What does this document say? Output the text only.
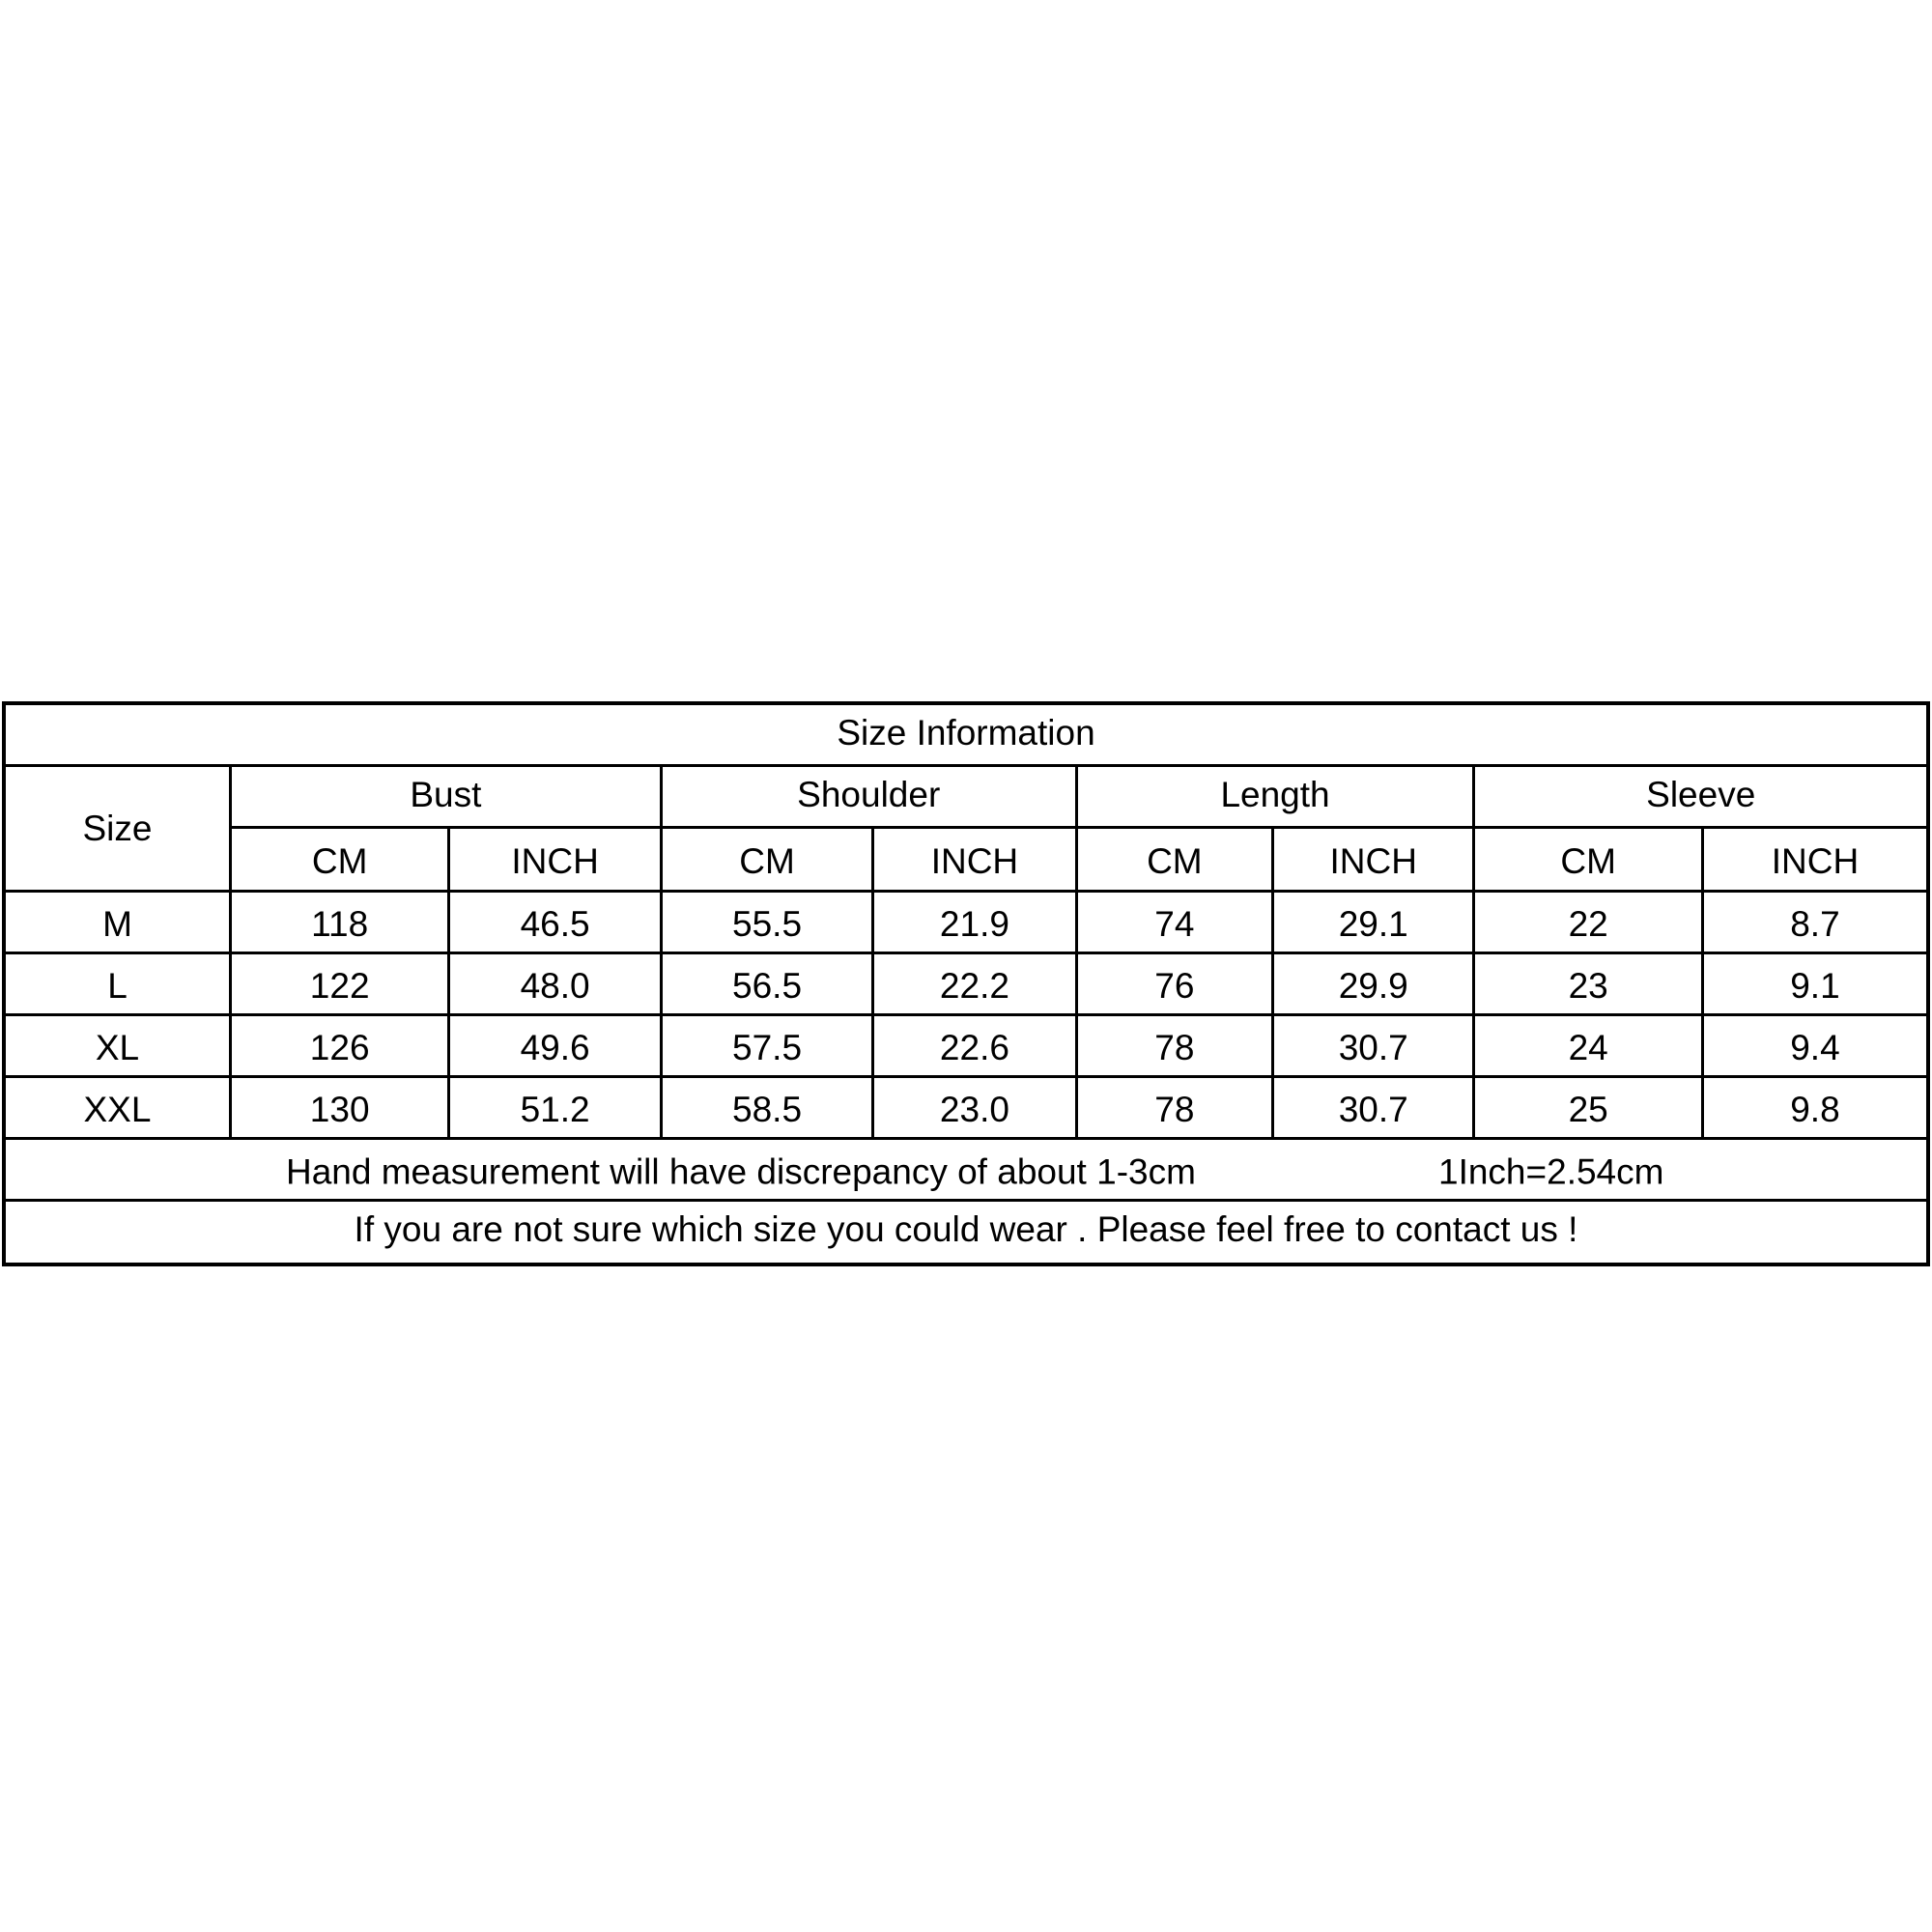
Size Information								
Size	Bust		Shoulder		Length		Sleeve	
	CM	INCH	CM	INCH	CM	INCH	CM	INCH
M	118	46.5	55.5	21.9	74	29.1	22	8.7
L	122	48.0	56.5	22.2	76	29.9	23	9.1
XL	126	49.6	57.5	22.6	78	30.7	24	9.4
XXL	130	51.2	58.5	23.0	78	30.7	25	9.8

Hand measurement will have discrepancy of about 1-3cm 1Inch=2.54cm								

If you are not sure which size you could wear . Please feel free to contact us !								
